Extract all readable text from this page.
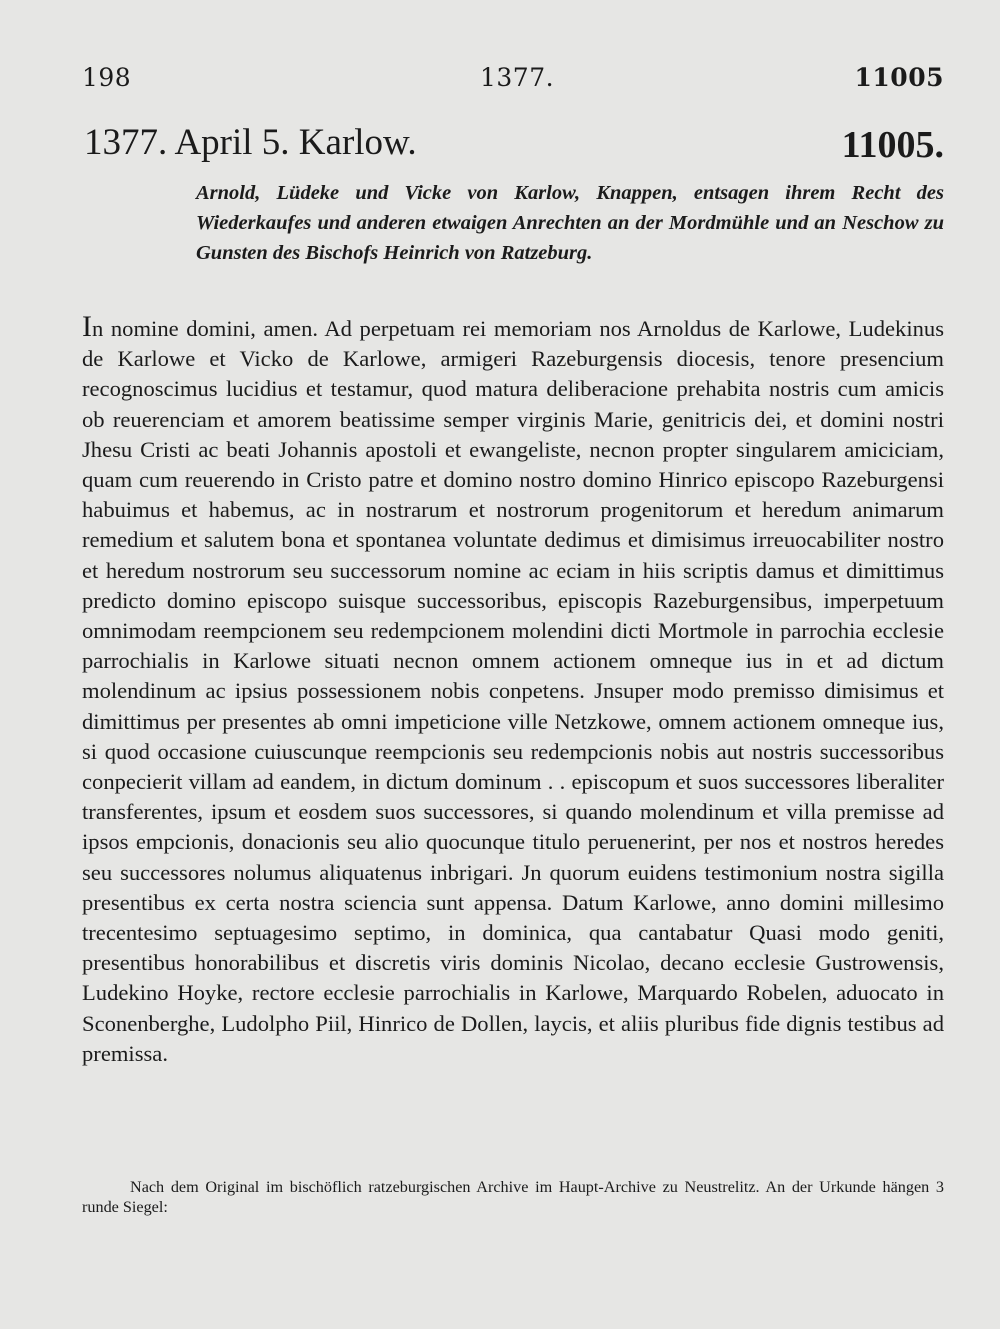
198	1377.	11005
1377. April 5. Karlow.	11005.

Arnold, Lüdeke und Vicke von Karlow, Knappen, entsagen ihrem Recht des Wiederkaufes und anderen etwaigen Anrechten an der Mordmühle und an Neschow zu Gunsten des Bischofs Heinrich von Ratzeburg.

In nomine domini, amen. Ad perpetuam rei memoriam nos Arnoldus de Karlowe, Ludekinus de Karlowe et Vicko de Karlowe, armigeri Razeburgensis diocesis, tenore presencium recognoscimus lucidius et testamur, quod matura deliberacione prehabita nostris cum amicis ob reuerenciam et amorem beatissime semper virginis Marie, genitricis dei, et domini nostri Jhesu Cristi ac beati Johannis apostoli et ewangeliste, necnon propter singularem amiciciam, quam cum reuerendo in Cristo patre et domino nostro domino Hinrico episcopo Razeburgensi habuimus et habemus, ac in nostrarum et nostrorum progenitorum et heredum animarum remedium et salutem bona et spontanea voluntate dedimus et dimisimus irreuocabiliter nostro et heredum nostrorum seu successorum nomine ac eciam in hiis scriptis damus et dimittimus predicto domino episcopo suisque successoribus, episcopis Razeburgensibus, imperpetuum omnimodam reempcionem seu redempcionem molendini dicti Mortmole in parrochia ecclesie parrochialis in Karlowe situati necnon omnem actionem omneque ius in et ad dictum molendinum ac ipsius possessionem nobis conpetens. Jnsuper modo premisso dimisimus et dimittimus per presentes ab omni impeticione ville Netzkowe, omnem actionem omneque ius, si quod occasione cuiuscunque reempcionis seu redempcionis nobis aut nostris successoribus conpecierit villam ad eandem, in dictum dominum . . episcopum et suos successores liberaliter transferentes, ipsum et eosdem suos successores, si quando molendinum et villa premisse ad ipsos empcionis, donacionis seu alio quocunque titulo peruenerint, per nos et nostros heredes seu successores nolumus aliquatenus inbrigari. Jn quorum euidens testimonium nostra sigilla presentibus ex certa nostra sciencia sunt appensa. Datum Karlowe, anno domini millesimo trecentesimo septuagesimo septimo, in dominica, qua cantabatur Quasi modo geniti, presentibus honorabilibus et discretis viris dominis Nicolao, decano ecclesie Gustrowensis, Ludekino Hoyke, rectore ecclesie parrochialis in Karlowe, Marquardo Robelen, aduocato in Sconenberghe, Ludolpho Piil, Hinrico de Dollen, laycis, et aliis pluribus fide dignis testibus ad premissa.

Nach dem Original im bischöflich ratzeburgischen Archive im Haupt-Archive zu Neustrelitz. An der Urkunde hängen 3 runde Siegel:
